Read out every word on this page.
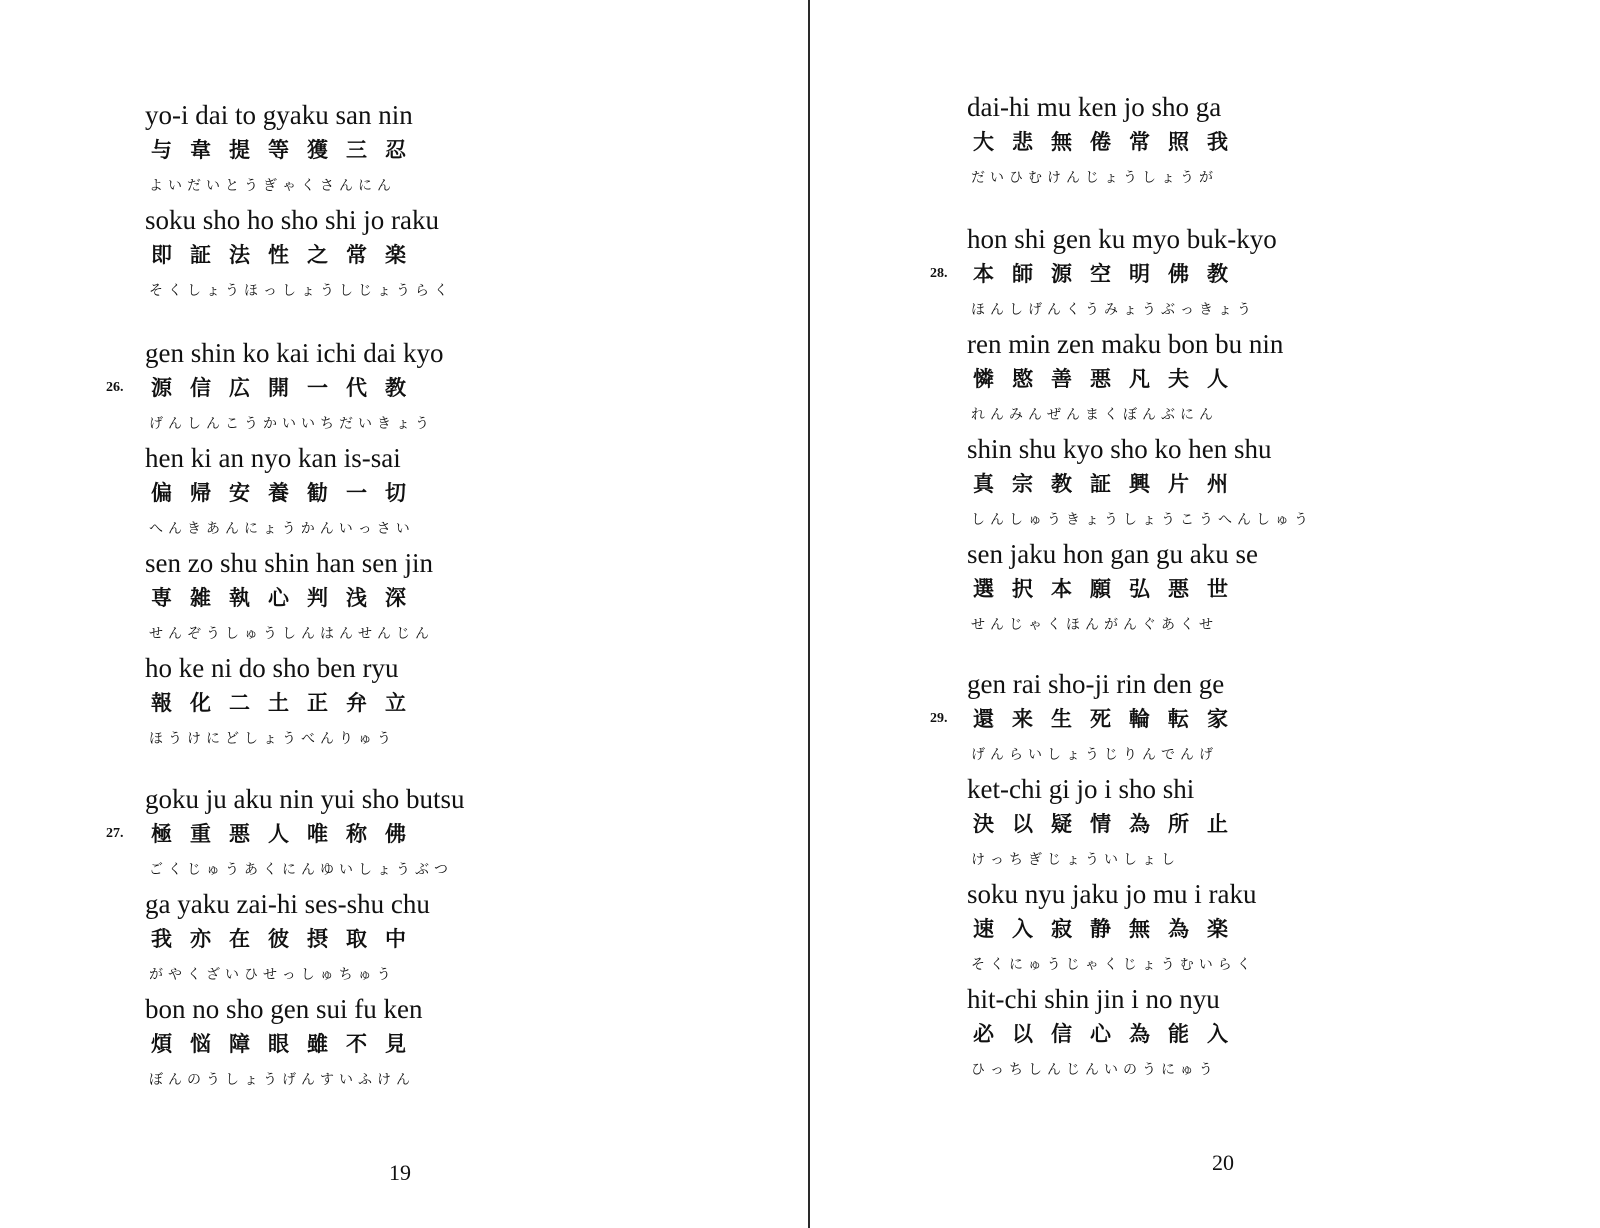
yo-i dai to gyaku san nin
与韋提等獲三忍
よいだいとうぎゃくさんにん
soku sho ho sho shi jo raku
即証法性之常楽
そくしょうほっしょうしじょうらく
26.
gen shin ko kai ichi dai kyo
源信広開一代教
げんしんこうかいいちだいきょう
hen ki an nyo kan is-sai
偏帰安養勧一切
へんきあんにょうかんいっさい
sen zo shu shin han sen jin
専雑執心判浅深
せんぞうしゅうしんはんせんじん
ho ke ni do sho ben ryu
報化二土正弁立
ほうけにどしょうべんりゅう
27.
goku ju aku nin yui sho butsu
極重悪人唯称佛
ごくじゅうあくにんゆいしょうぶつ
ga yaku zai-hi ses-shu chu
我亦在彼摂取中
がやくざいひせっしゅちゅう
bon no sho gen sui fu ken
煩悩障眼雖不見
ぼんのうしょうげんすいふけん
19
dai-hi mu ken jo sho ga
大悲無倦常照我
だいひむけんじょうしょうが
28.
hon shi gen ku myo buk-kyo
本師源空明佛教
ほんしげんくうみょうぶっきょう
ren min zen maku bon bu nin
憐愍善悪凡夫人
れんみんぜんまくぼんぶにん
shin shu kyo sho ko hen shu
真宗教証興片州
しんしゅうきょうしょうこうへんしゅう
sen jaku hon gan gu aku se
選択本願弘悪世
せんじゃくほんがんぐあくせ
29.
gen rai sho-ji rin den ge
還来生死輪転家
げんらいしょうじりんでんげ
ket-chi gi jo i sho shi
決以疑情為所止
けっちぎじょういしょし
soku nyu jaku jo mu i raku
速入寂静無為楽
そくにゅうじゃくじょうむいらく
hit-chi shin jin i no nyu
必以信心為能入
ひっちしんじんいのうにゅう
20
